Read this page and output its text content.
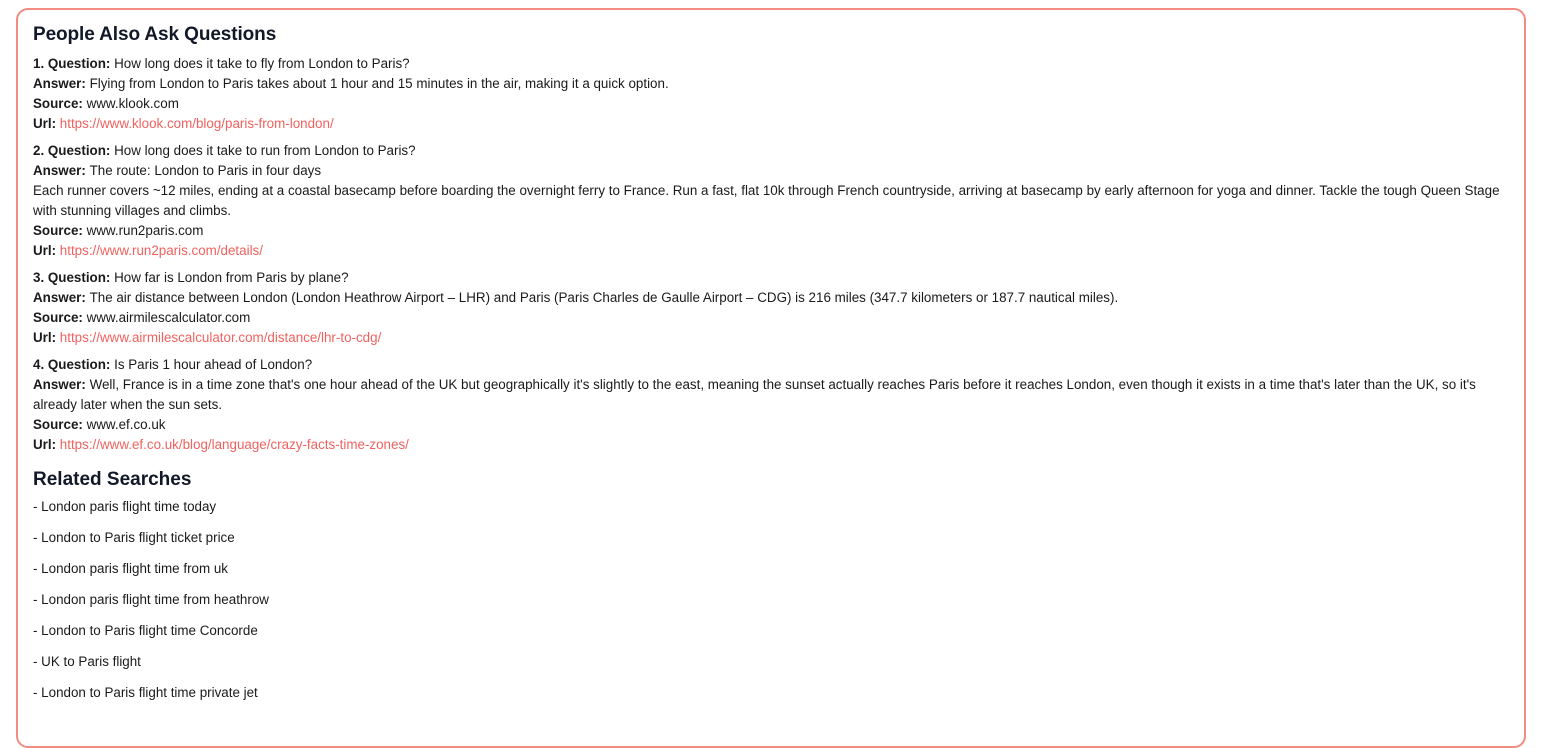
People Also Ask Questions
1. Question: How long does it take to fly from London to Paris?
Answer: Flying from London to Paris takes about 1 hour and 15 minutes in the air, making it a quick option.
Source: www.klook.com
Url: https://www.klook.com/blog/paris-from-london/
2. Question: How long does it take to run from London to Paris?
Answer: The route: London to Paris in four days
Each runner covers ~12 miles, ending at a coastal basecamp before boarding the overnight ferry to France. Run a fast, flat 10k through French countryside, arriving at basecamp by early afternoon for yoga and dinner. Tackle the tough Queen Stage with stunning villages and climbs.
Source: www.run2paris.com
Url: https://www.run2paris.com/details/
3. Question: How far is London from Paris by plane?
Answer: The air distance between London (London Heathrow Airport – LHR) and Paris (Paris Charles de Gaulle Airport – CDG) is 216 miles (347.7 kilometers or 187.7 nautical miles).
Source: www.airmilescalculator.com
Url: https://www.airmilescalculator.com/distance/lhr-to-cdg/
4. Question: Is Paris 1 hour ahead of London?
Answer: Well, France is in a time zone that's one hour ahead of the UK but geographically it's slightly to the east, meaning the sunset actually reaches Paris before it reaches London, even though it exists in a time that's later than the UK, so it's already later when the sun sets.
Source: www.ef.co.uk
Url: https://www.ef.co.uk/blog/language/crazy-facts-time-zones/
Related Searches
- London paris flight time today
- London to Paris flight ticket price
- London paris flight time from uk
- London paris flight time from heathrow
- London to Paris flight time Concorde
- UK to Paris flight
- London to Paris flight time private jet
